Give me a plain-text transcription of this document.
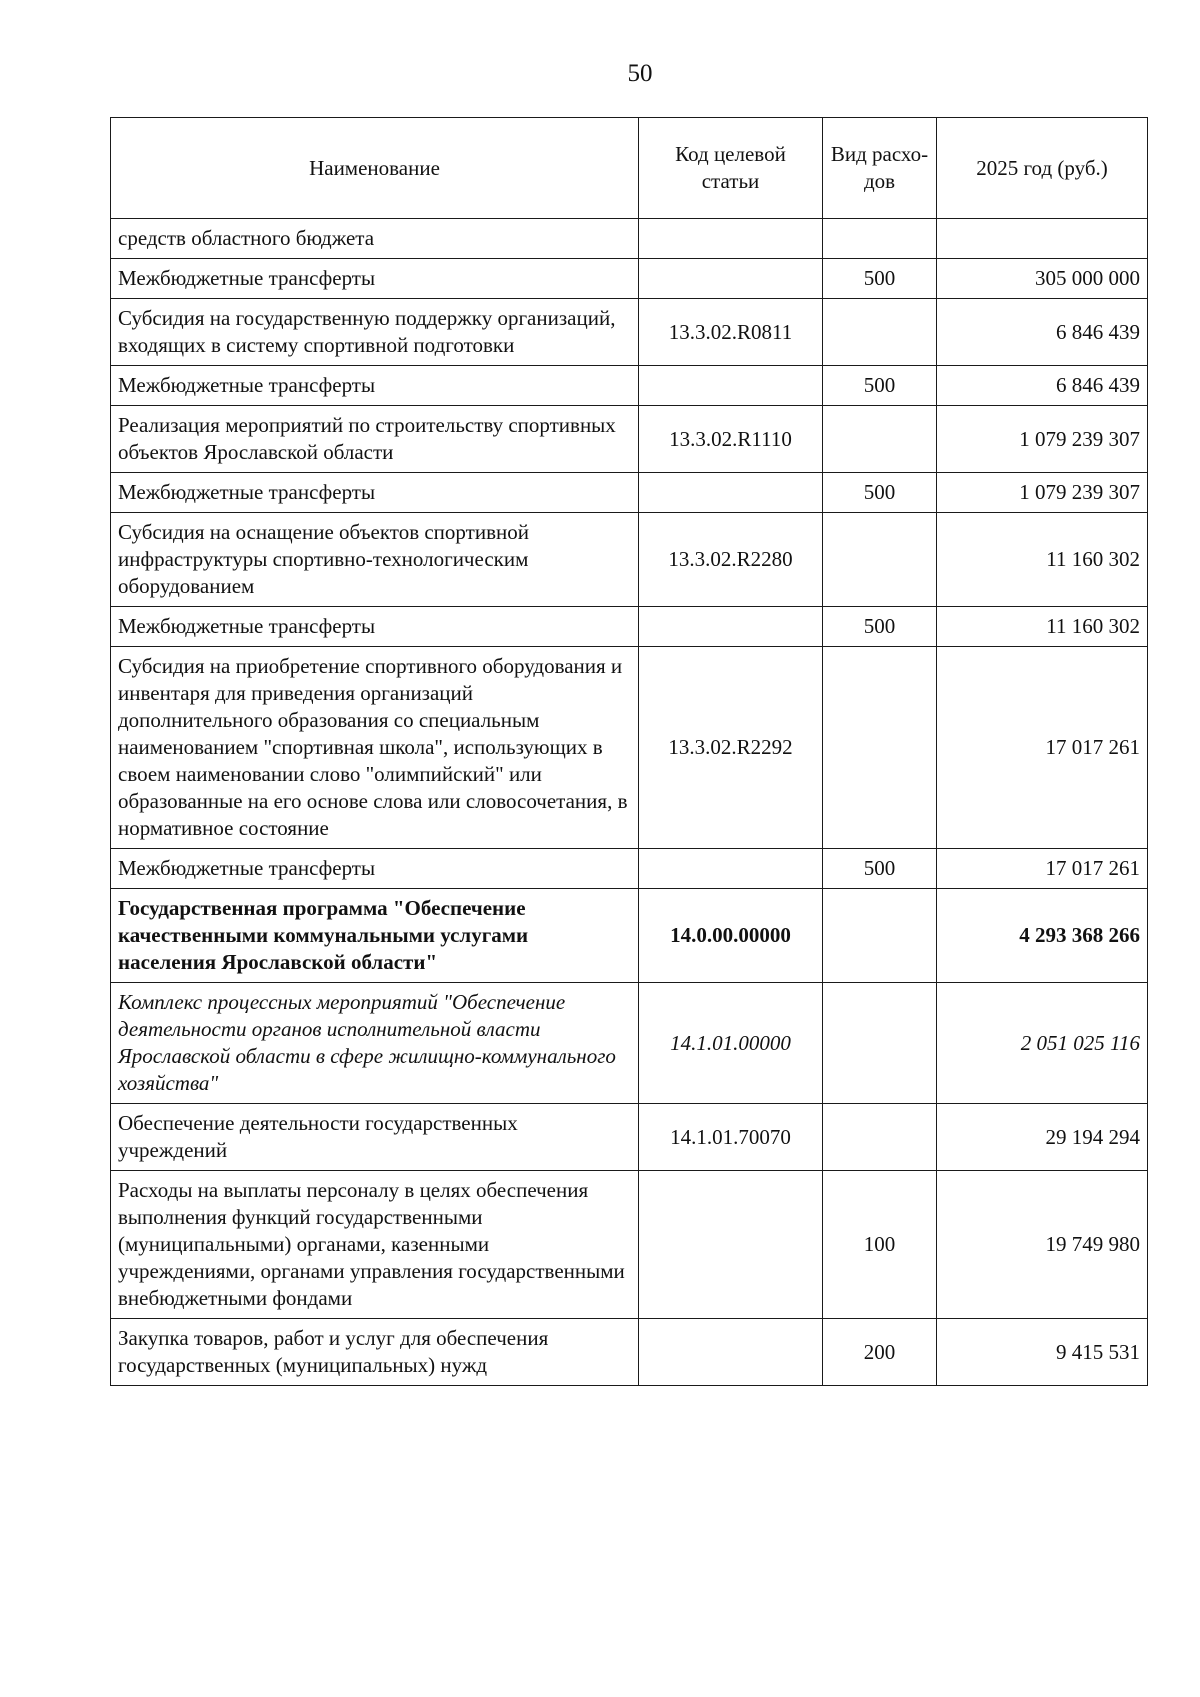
50
Наименование	Код целевой статьи	Вид расхо-дов	2025 год (руб.)
средств областного бюджета			
Межбюджетные трансферты		500	305 000 000
Субсидия на государственную поддержку организаций, входящих в систему спортивной подготовки	13.3.02.R0811		6 846 439
Межбюджетные трансферты		500	6 846 439
Реализация мероприятий по строительству спортивных объектов Ярославской области	13.3.02.R1110		1 079 239 307
Межбюджетные трансферты		500	1 079 239 307
Субсидия на оснащение объектов спортивной инфраструктуры спортивно-технологическим оборудованием	13.3.02.R2280		11 160 302
Межбюджетные трансферты		500	11 160 302
Субсидия на приобретение спортивного оборудования и инвентаря для приведения организаций дополнительного образования со специальным наименованием "спортивная школа", использующих в своем наименовании слово "олимпийский" или образованные на его основе слова или словосочетания, в нормативное состояние	13.3.02.R2292		17 017 261
Межбюджетные трансферты		500	17 017 261
Государственная программа "Обеспечение качественными коммунальными услугами населения Ярославской области"	14.0.00.00000		4 293 368 266
Комплекс процессных мероприятий "Обеспечение деятельности органов исполнительной власти Ярославской области в сфере жилищно-коммунального хозяйства"	14.1.01.00000		2 051 025 116
Обеспечение деятельности государственных учреждений	14.1.01.70070		29 194 294
Расходы на выплаты персоналу в целях обеспечения выполнения функций государственными (муниципальными) органами, казенными учреждениями, органами управления государственными внебюджетными фондами		100	19 749 980
Закупка товаров, работ и услуг для обеспечения государственных (муниципальных) нужд		200	9 415 531
